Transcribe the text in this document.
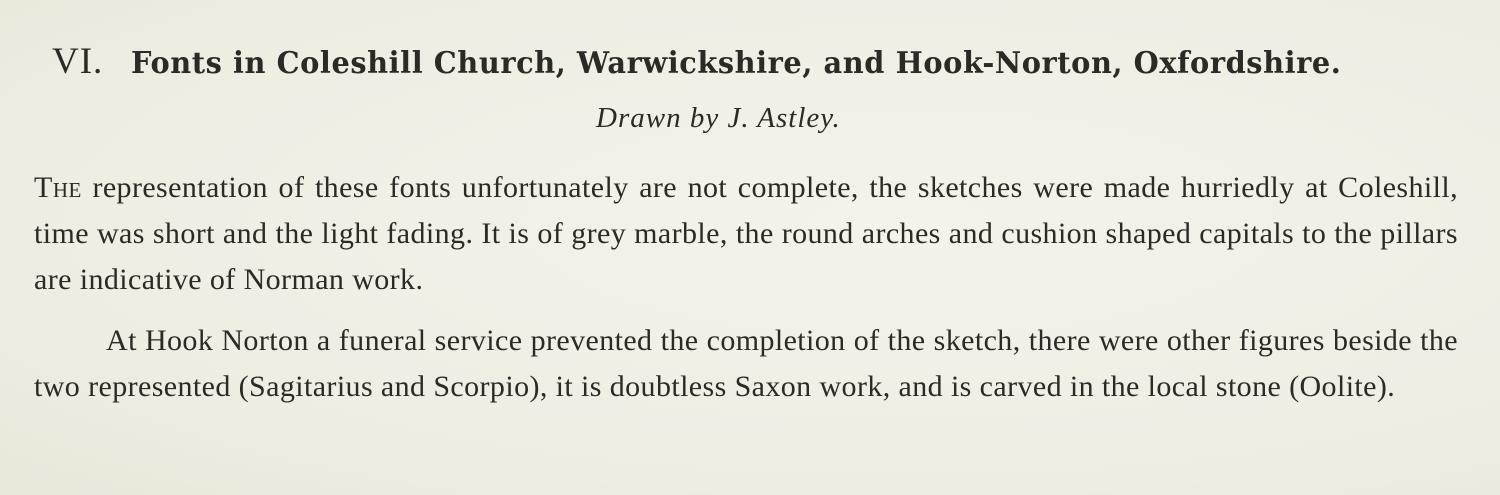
VI. Fonts in Coleshill Church, Warwickshire, and Hook-Norton, Oxfordshire.
Drawn by J. Astley.

The representation of these fonts unfortunately are not complete, the sketches were made hurriedly at Coleshill, time was short and the light fading. It is of grey marble, the round arches and cushion shaped capitals to the pillars are indicative of Norman work.

At Hook Norton a funeral service prevented the completion of the sketch, there were other figures beside the two represented (Sagitarius and Scorpio), it is doubtless Saxon work, and is carved in the local stone (Oolite).
